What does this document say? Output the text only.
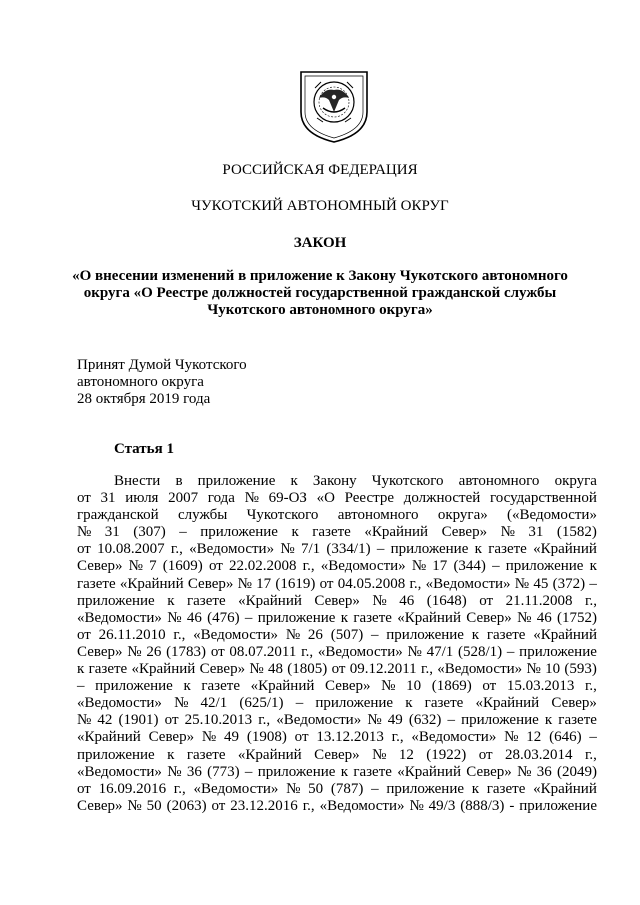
РОССИЙСКАЯ ФЕДЕРАЦИЯ
ЧУКОТСКИЙ АВТОНОМНЫЙ ОКРУГ
ЗАКОН
«О внесении изменений в приложение к Закону Чукотского автономного
округа «О Реестре должностей государственной гражданской службы
Чукотского автономного округа»
Принят Думой Чукотского
автономного округа
28 октября 2019 года
Статья 1
Внести в приложение к Закону Чукотского автономного округа
от 31 июля 2007 года № 69-ОЗ «О Реестре должностей государственной
гражданской службы Чукотского автономного округа» («Ведомости»
№ 31 (307) – приложение к газете «Крайний Север» № 31 (1582)
от 10.08.2007 г., «Ведомости» № 7/1 (334/1) – приложение к газете «Крайний
Север» № 7 (1609) от 22.02.2008 г., «Ведомости» № 17 (344) – приложение к
газете «Крайний Север» № 17 (1619) от 04.05.2008 г., «Ведомости» № 45 (372) –
приложение к газете «Крайний Север» № 46 (1648) от 21.11.2008 г.,
«Ведомости» № 46 (476) – приложение к газете «Крайний Север» № 46 (1752)
от 26.11.2010 г., «Ведомости» № 26 (507) – приложение к газете «Крайний
Север» № 26 (1783) от 08.07.2011 г., «Ведомости» № 47/1 (528/1) – приложение
к газете «Крайний Север» № 48 (1805) от 09.12.2011 г., «Ведомости» № 10 (593)
– приложение к газете «Крайний Север» № 10 (1869) от 15.03.2013 г.,
«Ведомости» № 42/1 (625/1) – приложение к газете «Крайний Север»
№ 42 (1901) от 25.10.2013 г., «Ведомости» № 49 (632) – приложение к газете
«Крайний Север» № 49 (1908) от 13.12.2013 г., «Ведомости» № 12 (646) –
приложение к газете «Крайний Север» № 12 (1922) от 28.03.2014 г.,
«Ведомости» № 36 (773) – приложение к газете «Крайний Север» № 36 (2049)
от 16.09.2016 г., «Ведомости» № 50 (787) – приложение к газете «Крайний
Север» № 50 (2063) от 23.12.2016 г., «Ведомости» № 49/3 (888/3) - приложение
